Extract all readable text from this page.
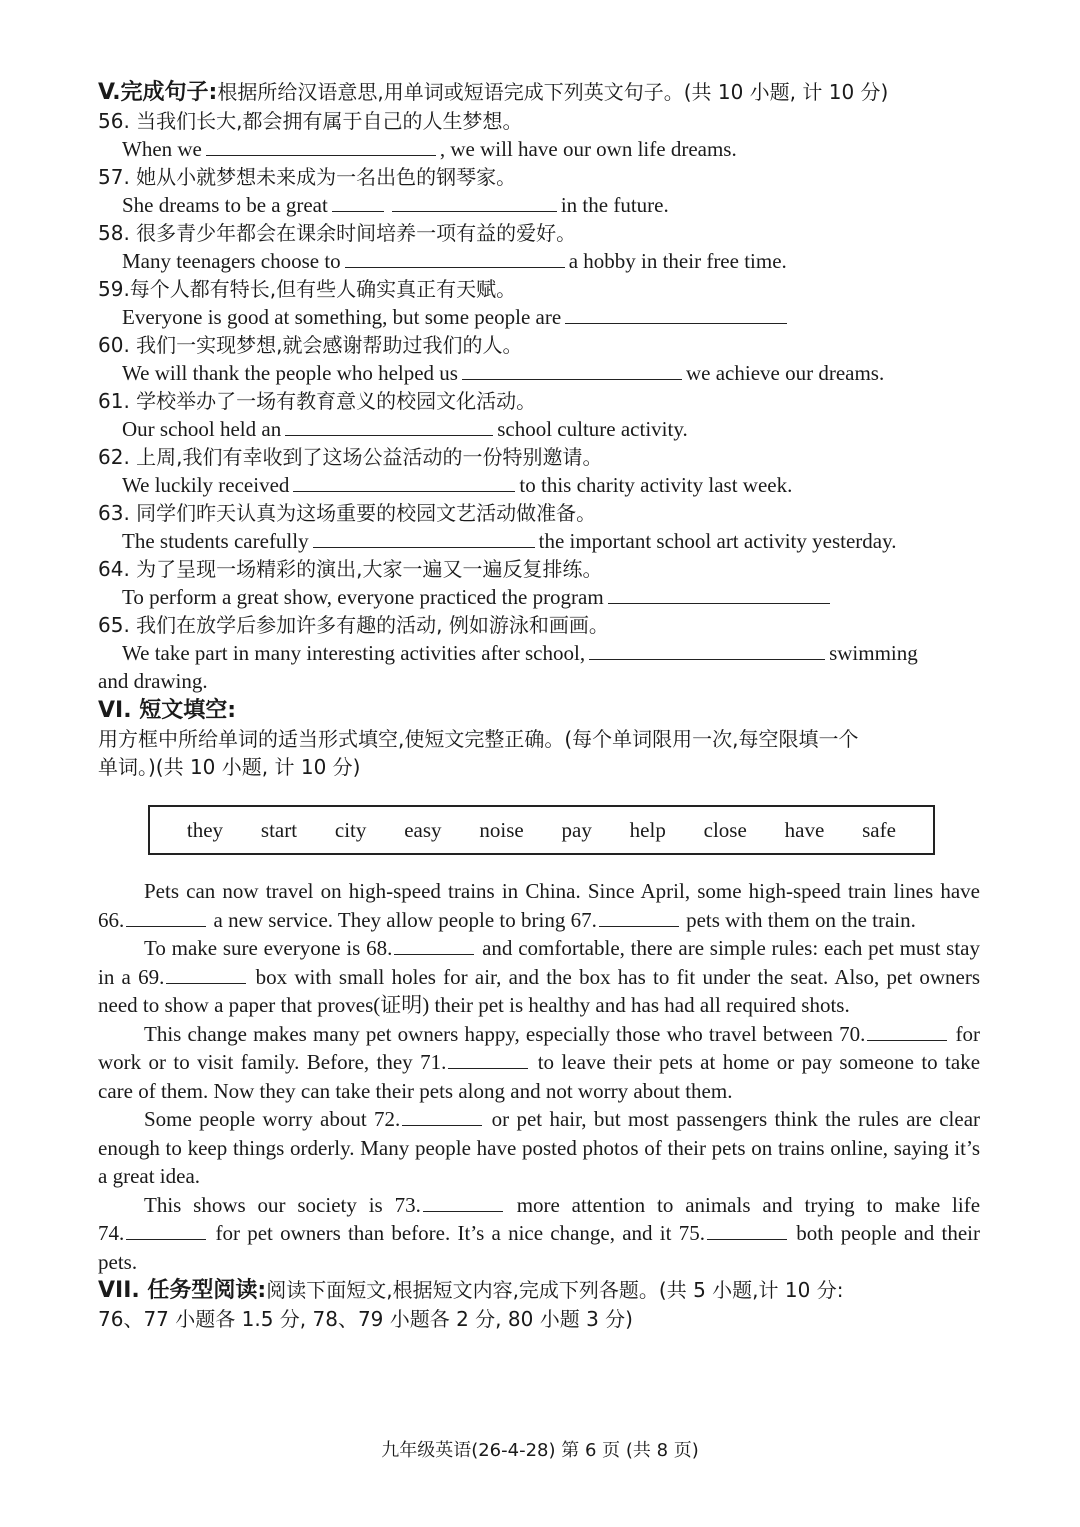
V.完成句子:根据所给汉语意思,用单词或短语完成下列英文句子。(共 10 小题, 计 10 分)
56. 当我们长大,都会拥有属于自己的人生梦想。
When we	, we will have our own life dreams.
57. 她从小就梦想未来成为一名出色的钢琴家。
She dreams to be a great	in the future.
58. 很多青少年都会在课余时间培养一项有益的爱好。
Many teenagers choose to	a hobby in their free time.
59.每个人都有特长,但有些人确实真正有天赋。
Everyone is good at something, but some people are
60. 我们一实现梦想,就会感谢帮助过我们的人。
We will thank the people who helped us	we achieve our dreams.
61. 学校举办了一场有教育意义的校园文化活动。
Our school held an	school culture activity.
62. 上周,我们有幸收到了这场公益活动的一份特别邀请。
We luckily received	to this charity activity last week.
63. 同学们昨天认真为这场重要的校园文艺活动做准备。
The students carefully	the important school art activity yesterday.
64. 为了呈现一场精彩的演出,大家一遍又一遍反复排练。
To perform a great show, everyone practiced the program
65. 我们在放学后参加许多有趣的活动, 例如游泳和画画。
We take part in many interesting activities after school,	swimming
and drawing.
VI. 短文填空:
用方框中所给单词的适当形式填空,使短文完整正确。(每个单词限用一次,每空限填一个
单词。)(共 10 小题, 计 10 分)
they start city easy noise pay help close have safe
Pets can now travel on high-speed trains in China. Since April, some high-speed train lines have 66.	a new service. They allow people to bring 67.	pets with them on the train.
To make sure everyone is 68.	and comfortable, there are simple rules: each pet must stay in a 69.	box with small holes for air, and the box has to fit under the seat. Also, pet owners need to show a paper that proves(证明) their pet is healthy and has had all required shots.
This change makes many pet owners happy, especially those who travel between 70.	for work or to visit family. Before, they 71.	to leave their pets at home or pay someone to take care of them. Now they can take their pets along and not worry about them.
Some people worry about 72.	or pet hair, but most passengers think the rules are clear enough to keep things orderly. Many people have posted photos of their pets on trains online, saying it’s a great idea.
This shows our society is 73.	more attention to animals and trying to make life 74.	for pet owners than before. It’s a nice change, and it 75.	both people and their pets.
VII. 任务型阅读:阅读下面短文,根据短文内容,完成下列各题。(共 5 小题,计 10 分:
76、77 小题各 1.5 分, 78、79 小题各 2 分, 80 小题 3 分)
九年级英语(26-4-28) 第 6 页 (共 8 页)
